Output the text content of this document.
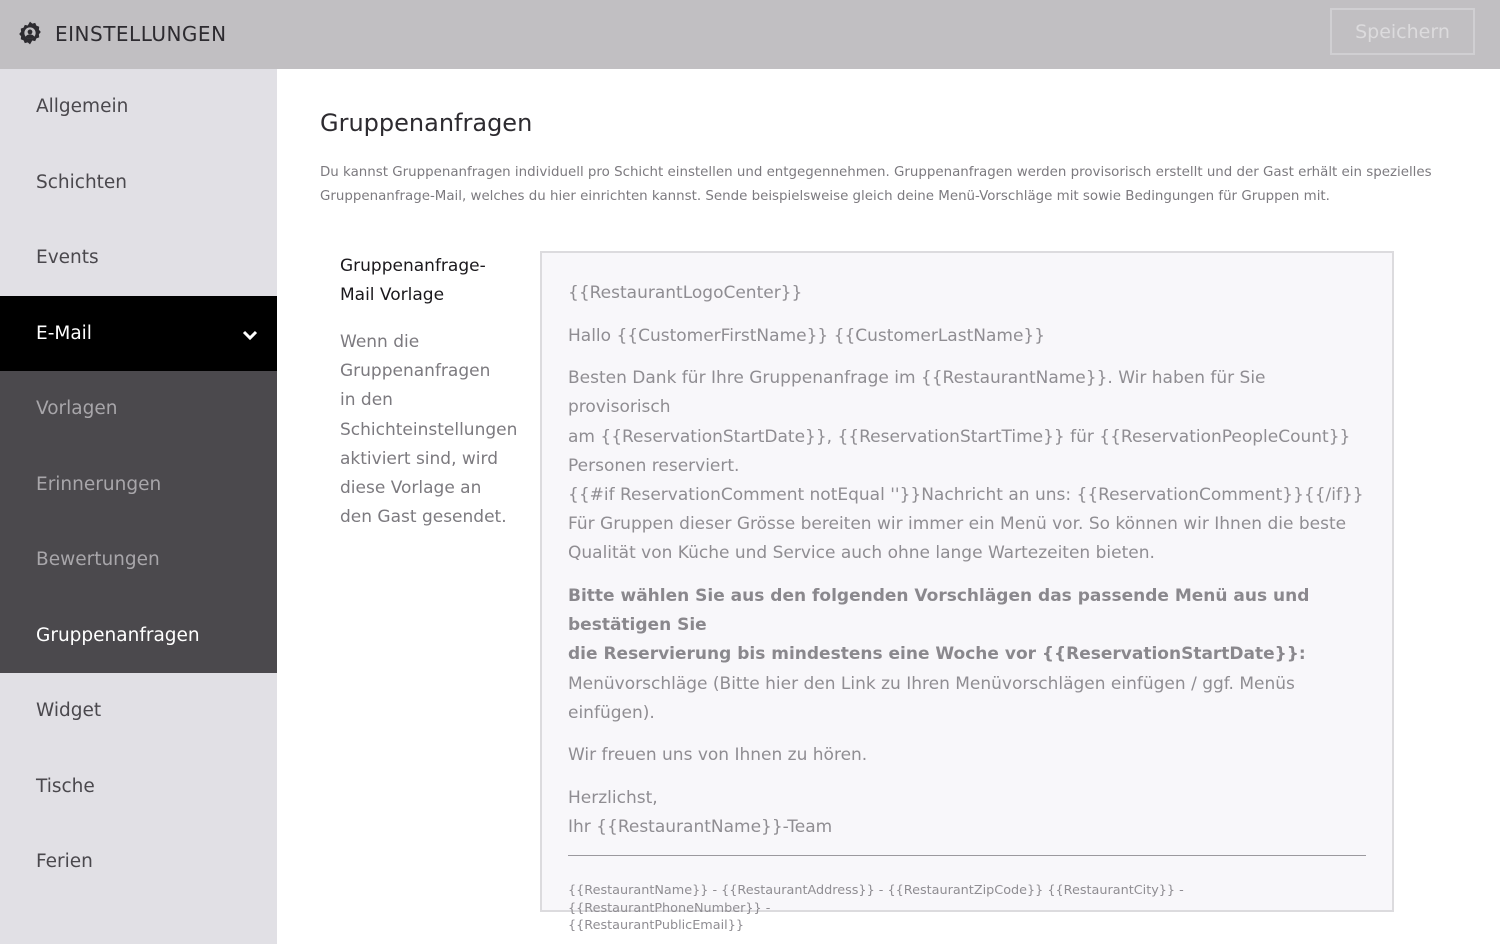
EINSTELLUNGEN	Speichern
Allgemein
Schichten
Events
E-Mail
Vorlagen
Erinnerungen
Bewertungen
Gruppenanfragen
Widget
Tische
Ferien
Gruppenanfragen

Du kannst Gruppenanfragen individuell pro Schicht einstellen und entgegennehmen. Gruppenanfragen werden provisorisch erstellt und der Gast erhält ein spezielles Gruppenanfrage-Mail, welches du hier einrichten kannst. Sende beispielsweise gleich deine Menü-Vorschläge mit sowie Bedingungen für Gruppen mit.

Gruppenanfrage-
Mail Vorlage
Wenn die
Gruppenanfragen
in den
Schichteinstellungen
aktiviert sind, wird
diese Vorlage an
den Gast gesendet.

{{RestaurantLogoCenter}}

Hallo {{CustomerFirstName}} {{CustomerLastName}}

Besten Dank für Ihre Gruppenanfrage im {{RestaurantName}}. Wir haben für Sie provisorisch
am {{ReservationStartDate}}, {{ReservationStartTime}} für {{ReservationPeopleCount}}
Personen reserviert.
{{#if ReservationComment notEqual ''}}Nachricht an uns: {{ReservationComment}}{{/if}}
Für Gruppen dieser Grösse bereiten wir immer ein Menü vor. So können wir Ihnen die beste
Qualität von Küche und Service auch ohne lange Wartezeiten bieten.

Bitte wählen Sie aus den folgenden Vorschlägen das passende Menü aus und bestätigen Sie
die Reservierung bis mindestens eine Woche vor {{ReservationStartDate}}:
Menüvorschläge (Bitte hier den Link zu Ihren Menüvorschlägen einfügen / ggf. Menüs
einfügen).

Wir freuen uns von Ihnen zu hören.

Herzlichst,
Ihr {{RestaurantName}}-Team

{{RestaurantName}} - {{RestaurantAddress}} - {{RestaurantZipCode}} {{RestaurantCity}} - {{RestaurantPhoneNumber}} -
{{RestaurantPublicEmail}}
